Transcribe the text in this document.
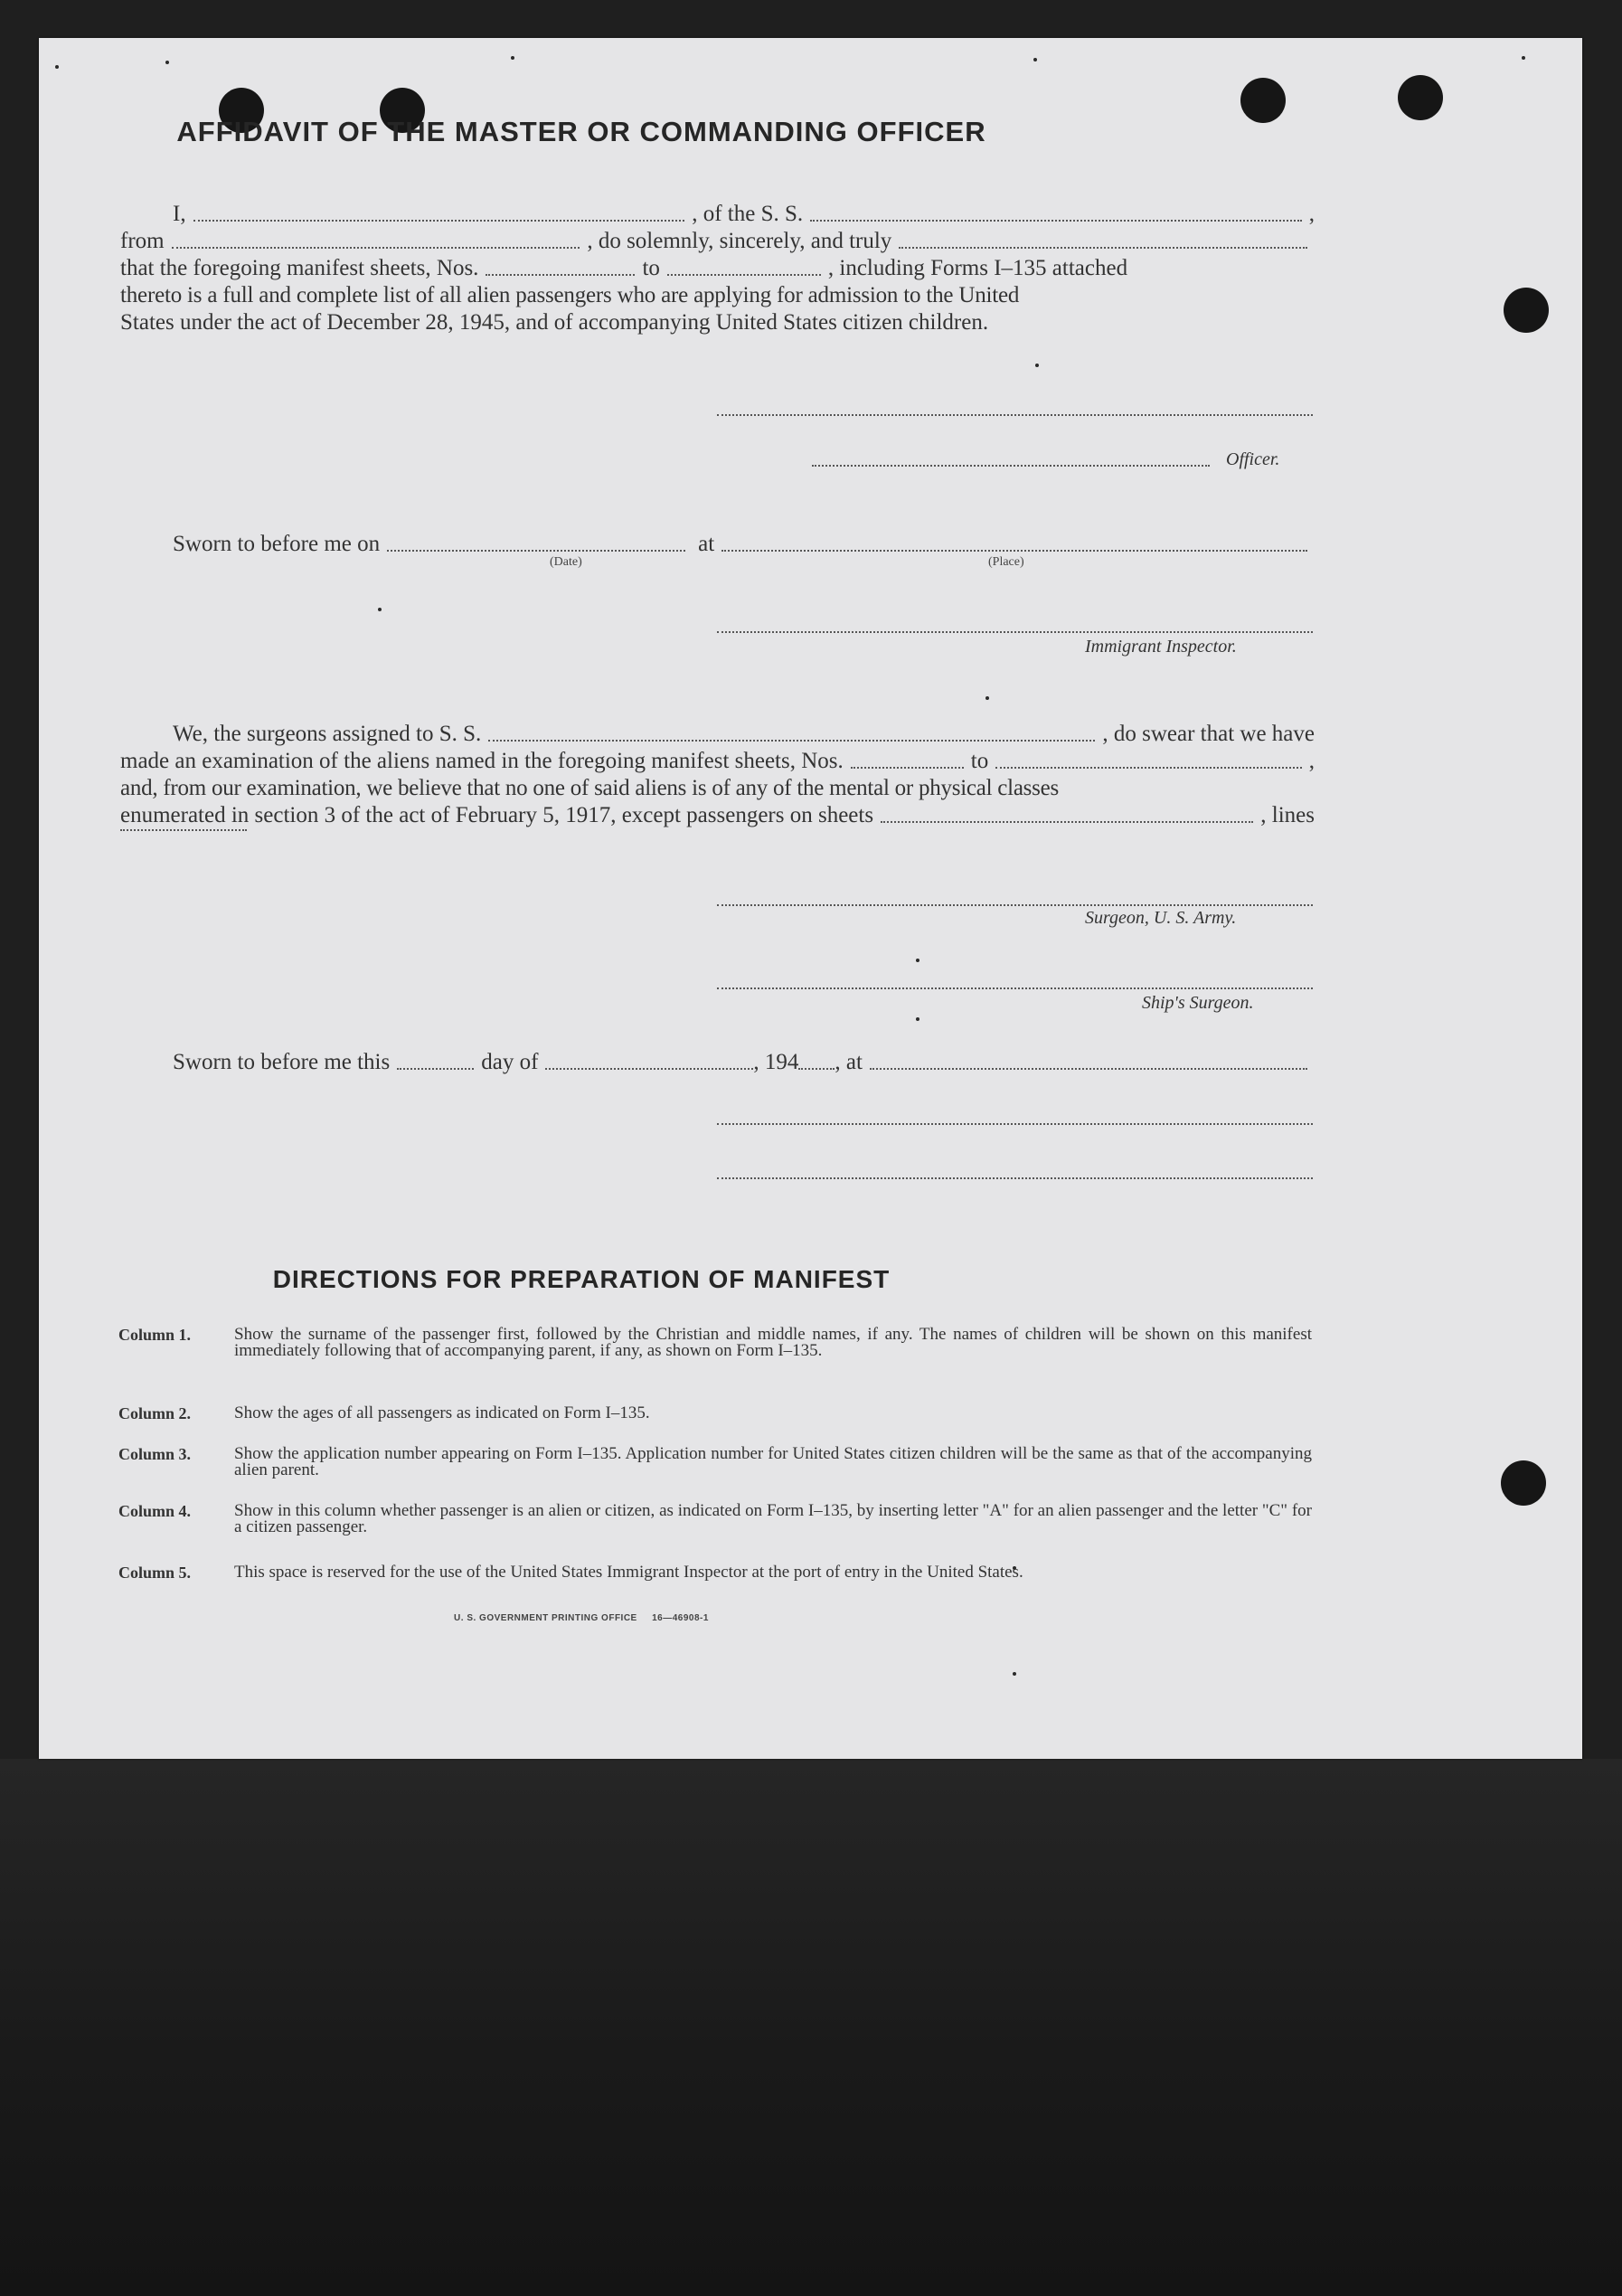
AFFIDAVIT OF THE MASTER OR COMMANDING OFFICER
I,	, of the S. S.	,
from	, do solemnly, sincerely, and truly
that the foregoing manifest sheets, Nos.	to	, including Forms I–135 attached
thereto is a full and complete list of all alien passengers who are applying for admission to the United
States under the act of December 28, 1945, and of accompanying United States citizen children.
Officer.
Sworn to before me on	at
(Date)	(Place)
Immigrant Inspector.
We, the surgeons assigned to S. S.	, do swear that we have
made an examination of the aliens named in the foregoing manifest sheets, Nos.	to	,
and, from our examination, we believe that no one of said aliens is of any of the mental or physical classes
enumerated in section 3 of the act of February 5, 1917, except passengers on sheets	, lines
Surgeon, U. S. Army.
Ship's Surgeon.
Sworn to before me this	day of	, 194 , at
DIRECTIONS FOR PREPARATION OF MANIFEST
Column 1.	Show the surname of the passenger first, followed by the Christian and middle names, if any. The names of children will be shown on this manifest immediately following that of accompanying parent, if any, as shown on Form I–135.
Column 2.	Show the ages of all passengers as indicated on Form I–135.
Column 3.	Show the application number appearing on Form I–135. Application number for United States citizen children will be the same as that of the accompanying alien parent.
Column 4.	Show in this column whether passenger is an alien or citizen, as indicated on Form I–135, by inserting letter "A" for an alien passenger and the letter "C" for a citizen passenger.
Column 5.	This space is reserved for the use of the United States Immigrant Inspector at the port of entry in the United States.
U. S. GOVERNMENT PRINTING OFFICE     16—46908-1
